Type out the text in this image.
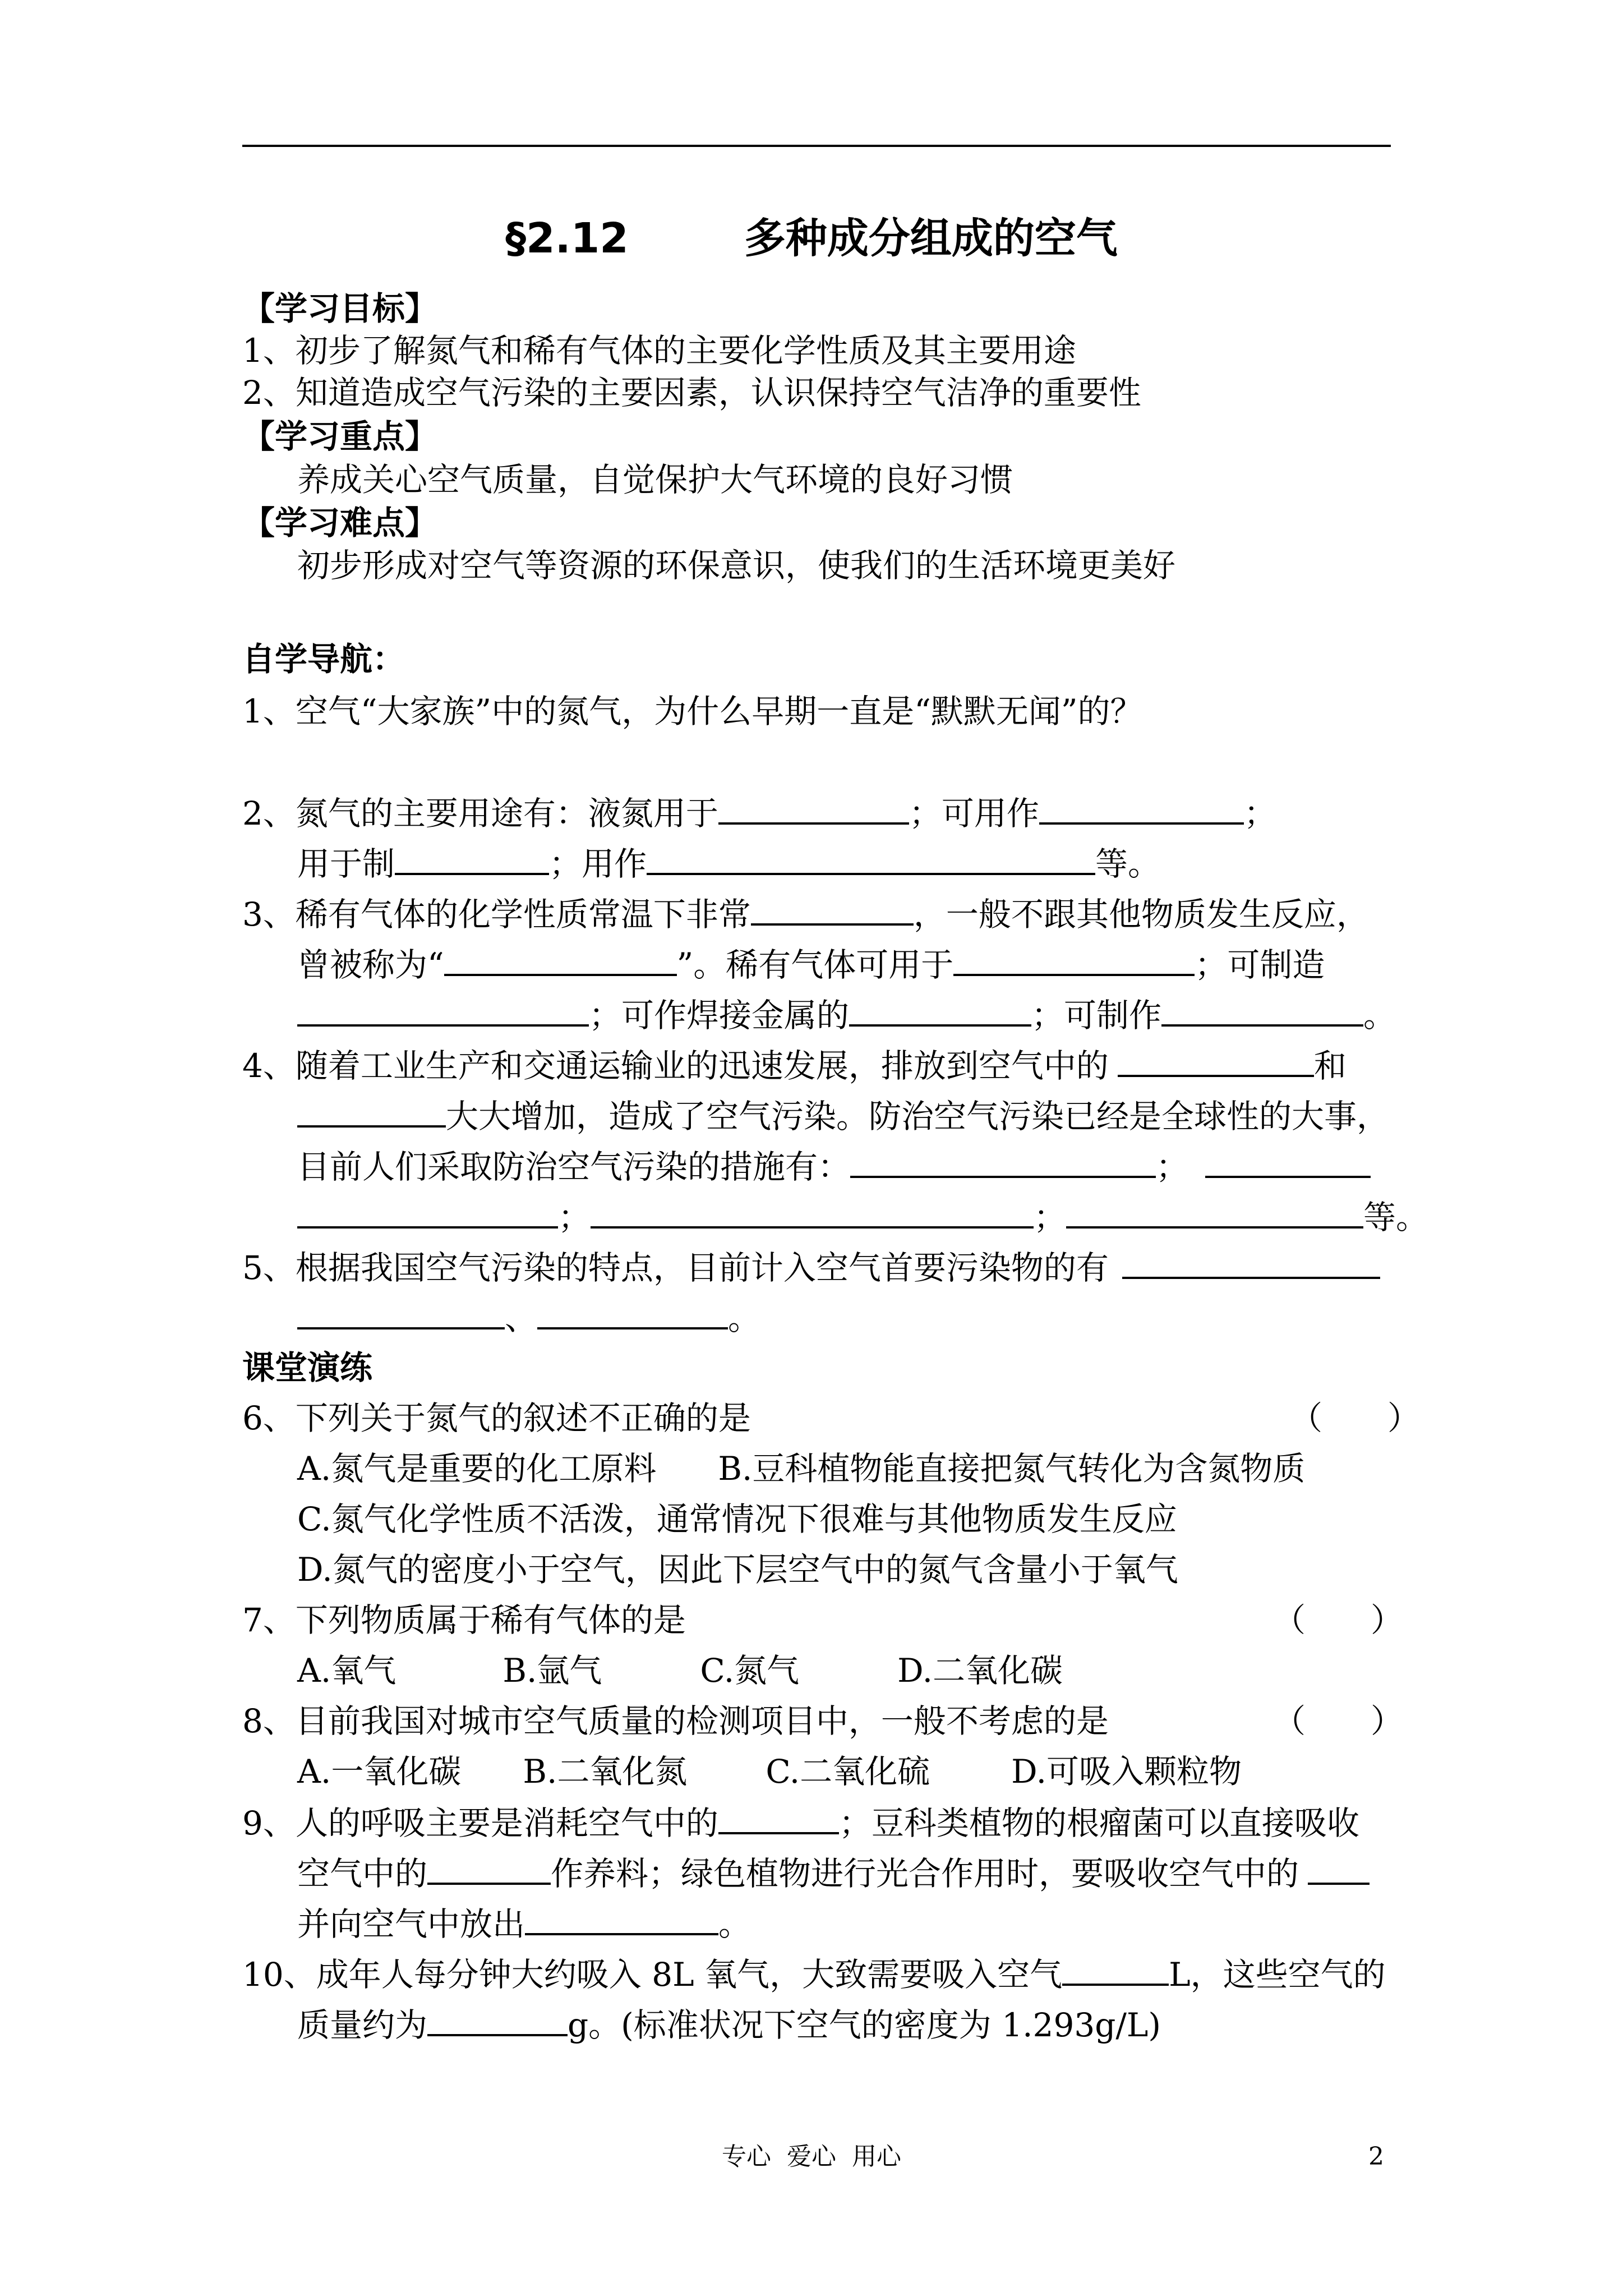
§2.12	多种成分组成的空气
【学习目标】
1、初步了解氮气和稀有气体的主要化学性质及其主要用途
2、知道造成空气污染的主要因素，认识保持空气洁净的重要性
【学习重点】
养成关心空气质量，自觉保护大气环境的良好习惯
【学习难点】
初步形成对空气等资源的环保意识，使我们的生活环境更美好
自学导航：
1、空气“大家族”中的氮气，为什么早期一直是“默默无闻”的？
2、氮气的主要用途有：液氮用于	；可用作	；
用于制	；用作	等。
3、稀有气体的化学性质常温下非常	，一般不跟其他物质发生反应，
曾被称为“	”。稀有气体可用于	；可制造
；可作焊接金属的	；可制作	。
4、随着工业生产和交通运输业的迅速发展，排放到空气中的	和
大大增加，造成了空气污染。防治空气污染已经是全球性的大事，
目前人们采取防治空气污染的措施有：	；
；	；	等。
5、根据我国空气污染的特点，目前计入空气首要污染物的有
、	。
课堂演练
6、下列关于氮气的叙述不正确的是	（　　）
A.氮气是重要的化工原料 B.豆科植物能直接把氮气转化为含氮物质
C.氮气化学性质不活泼，通常情况下很难与其他物质发生反应
D.氮气的密度小于空气，因此下层空气中的氮气含量小于氧气
7、下列物质属于稀有气体的是	（　　）
A.氧气	B.氩气	C.氮气	D.二氧化碳
8、目前我国对城市空气质量的检测项目中，一般不考虑的是	（　　）
A.一氧化碳 B.二氧化氮 C.二氧化硫	D.可吸入颗粒物
9、人的呼吸主要是消耗空气中的	；豆科类植物的根瘤菌可以直接吸收
空气中的	作养料；绿色植物进行光合作用时，要吸收空气中的
并向空气中放出	。
10、成年人每分钟大约吸入 8L 氧气，大致需要吸入空气	L，这些空气的
质量约为	g。(标准状况下空气的密度为 1.293g/L)
专心  爱心  用心	2
